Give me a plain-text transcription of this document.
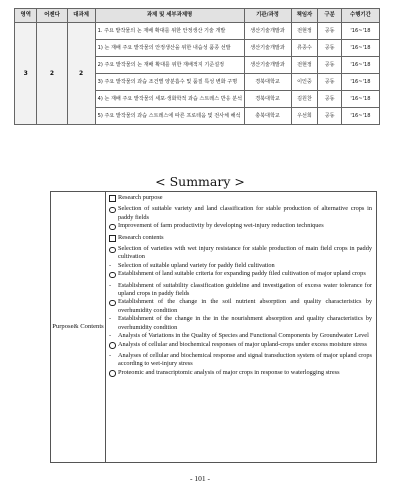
영역	어젠다	대과제	과제 및 세부과제명	기관/과정	책임자	구분	수행기간
3	2	2	1. 주요 밭작물의 논 재배 확대를 위한 안정생산 기술 개발	생산기술개발과	전현정	공동	'16~'18
			1) 논 재배 주요 밭작물의 안정생산을 위한 내습성 품종 선발	생산기술개발과	류종수	공동	'16~'18
			2) 주요 밭작물의 논 재배 확대를 위한 재배적지 기준설정	생산기술개발과	전현정	공동	'16~'18
			3) 주요 밭작물의 과습 조건별 양분흡수 및 품질 특성 변화 구명	경북대학교	이인중	공동	'16~'18
			4) 논 재배 주요 밭작물의 세포·생화학적 과습 스트레스 반응 분석	경북대학교	김원찬	공동	'16~'18
			5) 주요 밭작물의 과습 스트레스에 따른 프로테옴 및 전사체 해석	충북대학교	우선희	공동	'16~'18
< Summary >
Purpose& Contents
Research purpose
Selection of suitable variety and land classification for stable production of alternative crops in paddy fields
Improvement of farm productivity by developing wet-injury reduction techniques
Research contents
Selection of varieties with wet injury resistance for stable production of main field crops in paddy cultivation
-	Selection of suitable upland variety for paddy field cultivation
Establishment of land suitable criteria for expanding paddy filed cultivation of major upland crops
-	Establishment of suitability classification guideline and investigation of excess water tolerance for upland crops in paddy fields
Establishment of the change in the soil nutrient absorption and quality characteristics by overhumidity condition
-	Establishment of the change in the in the nourishment absorption and quality characteristics by overhumidity condition
-	Analysis of Variations in the Quality of Species and Functional Components by Groundwater Level
Analysis of cellular and biochemical responses of major upland-crops under excess moisture stress
-	Analyses of cellular and biochemical response and signal transduction system of major upland crops according to wet-injury stress
Proteomic and transcriptomic analysis of major crops in response to waterlogging stress
- 101 -
